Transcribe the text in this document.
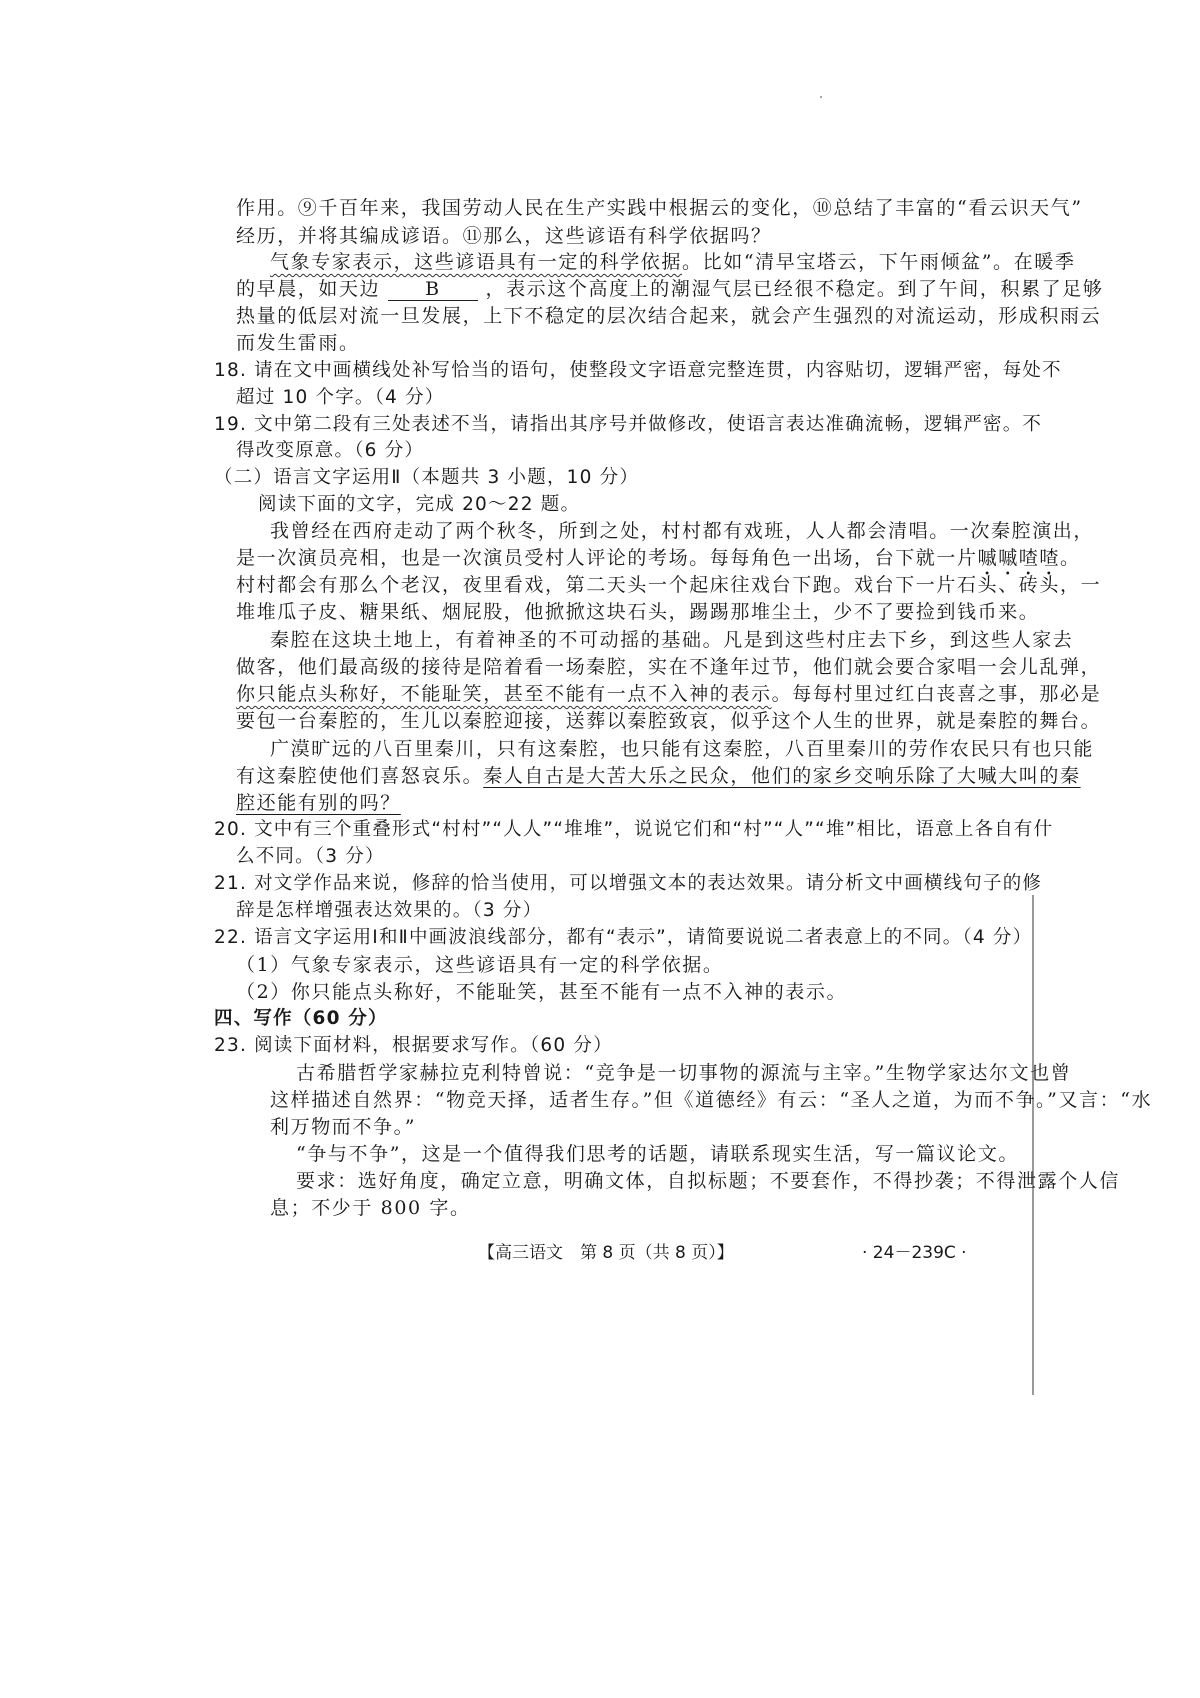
作用。⑨千百年来，我国劳动人民在生产实践中根据云的变化，⑩总结了丰富的“看云识天气”
经历，并将其编成谚语。⑪那么，这些谚语有科学依据吗？
气象专家表示，这些谚语具有一定的科学依据。比如“清早宝塔云，下午雨倾盆”。在暖季
的早晨，如天边 B ，表示这个高度上的潮湿气层已经很不稳定。到了午间，积累了足够
热量的低层对流一旦发展，上下不稳定的层次结合起来，就会产生强烈的对流运动，形成积雨云
而发生雷雨。
18. 请在文中画横线处补写恰当的语句，使整段文字语意完整连贯，内容贴切，逻辑严密，每处不
超过 10 个字。（4 分）
19. 文中第二段有三处表述不当，请指出其序号并做修改，使语言表达准确流畅，逻辑严密。不
得改变原意。（6 分）
（二）语言文字运用Ⅱ（本题共 3 小题，10 分）
阅读下面的文字，完成 20～22 题。
我曾经在西府走动了两个秋冬，所到之处，村村都有戏班，人人都会清唱。一次秦腔演出，
是一次演员亮相，也是一次演员受村人评论的考场。每每角色一出场，台下就一片嘁嘁喳喳。
村村都会有那么个老汉，夜里看戏，第二天头一个起床往戏台下跑。戏台下一片石头、砖头，一
堆堆瓜子皮、糖果纸、烟屁股，他掀掀这块石头，踢踢那堆尘土，少不了要捡到钱币来。
秦腔在这块土地上，有着神圣的不可动摇的基础。凡是到这些村庄去下乡，到这些人家去
做客，他们最高级的接待是陪着看一场秦腔，实在不逢年过节，他们就会要合家唱一会儿乱弹，
你只能点头称好，不能耻笑，甚至不能有一点不入神的表示。每每村里过红白丧喜之事，那必是
要包一台秦腔的，生儿以秦腔迎接，送葬以秦腔致哀，似乎这个人生的世界，就是秦腔的舞台。
广漠旷远的八百里秦川，只有这秦腔，也只能有这秦腔，八百里秦川的劳作农民只有也只能
有这秦腔使他们喜怒哀乐。秦人自古是大苦大乐之民众，他们的家乡交响乐除了大喊大叫的秦
腔还能有别的吗？
20. 文中有三个重叠形式“村村”“人人”“堆堆”，说说它们和“村”“人”“堆”相比，语意上各自有什
么不同。（3 分）
21. 对文学作品来说，修辞的恰当使用，可以增强文本的表达效果。请分析文中画横线句子的修
辞是怎样增强表达效果的。（3 分）
22. 语言文字运用Ⅰ和Ⅱ中画波浪线部分，都有“表示”，请简要说说二者表意上的不同。（4 分）
（1）气象专家表示，这些谚语具有一定的科学依据。
（2）你只能点头称好，不能耻笑，甚至不能有一点不入神的表示。
四、写作（60 分）
23. 阅读下面材料，根据要求写作。（60 分）
古希腊哲学家赫拉克利特曾说：“竞争是一切事物的源流与主宰。”生物学家达尔文也曾
这样描述自然界：“物竞天择，适者生存。”但《道德经》有云：“圣人之道，为而不争。”又言：“水
利万物而不争。”
“争与不争”，这是一个值得我们思考的话题，请联系现实生活，写一篇议论文。
要求：选好角度，确定立意，明确文体，自拟标题；不要套作，不得抄袭；不得泄露个人信
息；不少于 800 字。
【高三语文　第 8 页（共 8 页）】	· 24－239C ·
